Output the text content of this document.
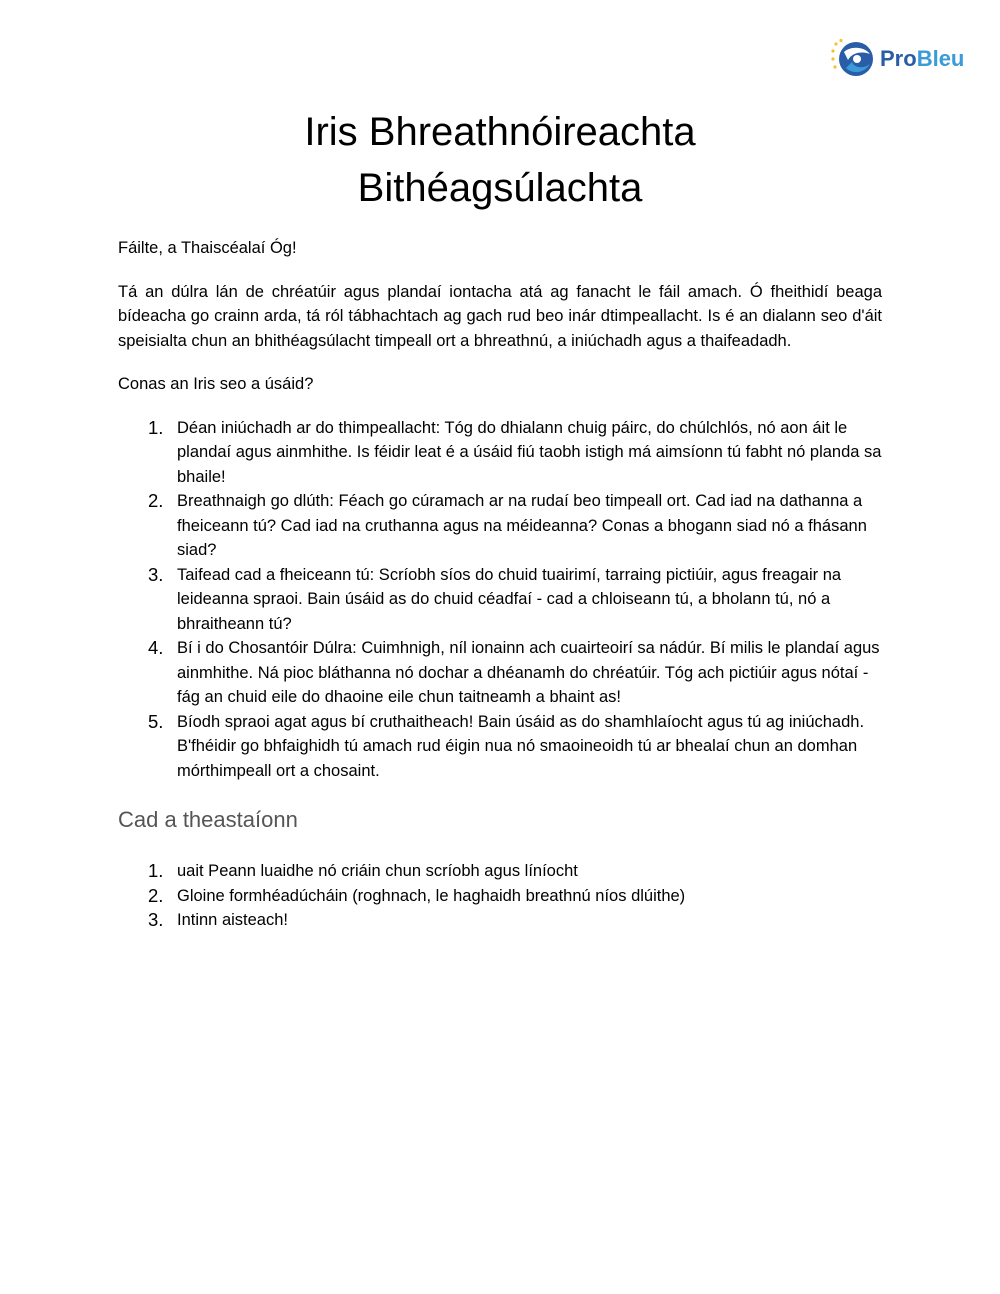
ProBleu
Iris Bhreathnóireachta
Bithéagsúlachta

Fáilte, a Thaiscéalaí Óg!

Tá an dúlra lán de chréatúir agus plandaí iontacha atá ag fanacht le fáil amach. Ó fheithidí beaga bídeacha go crainn arda, tá ról tábhachtach ag gach rud beo inár dtimpeallacht. Is é an dialann seo d'áit speisialta chun an bhithéagsúlacht timpeall ort a bhreathnú, a iniúchadh agus a thaifeadadh.

Conas an Iris seo a úsáid?

1. Déan iniúchadh ar do thimpeallacht: Tóg do dhialann chuig páirc, do chúlchlós, nó aon áit le plandaí agus ainmhithe. Is féidir leat é a úsáid fiú taobh istigh má aimsíonn tú fabht nó planda sa bhaile!
2. Breathnaigh go dlúth: Féach go cúramach ar na rudaí beo timpeall ort. Cad iad na dathanna a fheiceann tú? Cad iad na cruthanna agus na méideanna? Conas a bhogann siad nó a fhásann siad?
3. Taifead cad a fheiceann tú: Scríobh síos do chuid tuairimí, tarraing pictiúir, agus freagair na leideanna spraoi. Bain úsáid as do chuid céadfaí - cad a chloiseann tú, a bholann tú, nó a bhraitheann tú?
4. Bí i do Chosantóir Dúlra: Cuimhnigh, níl ionainn ach cuairteoirí sa nádúr. Bí milis le plandaí agus ainmhithe. Ná pioc bláthanna nó dochar a dhéanamh do chréatúir. Tóg ach pictiúir agus nótaí - fág an chuid eile do dhaoine eile chun taitneamh a bhaint as!
5. Bíodh spraoi agat agus bí cruthaitheach! Bain úsáid as do shamhlaíocht agus tú ag iniúchadh. B'fhéidir go bhfaighidh tú amach rud éigin nua nó smaoineoidh tú ar bhealaí chun an domhan mórthimpeall ort a chosaint.
Cad a theastaíonn
1. uait Peann luaidhe nó criáin chun scríobh agus líníocht
2. Gloine formhéadúcháin (roghnach, le haghaidh breathnú níos dlúithe)
3. Intinn aisteach!
